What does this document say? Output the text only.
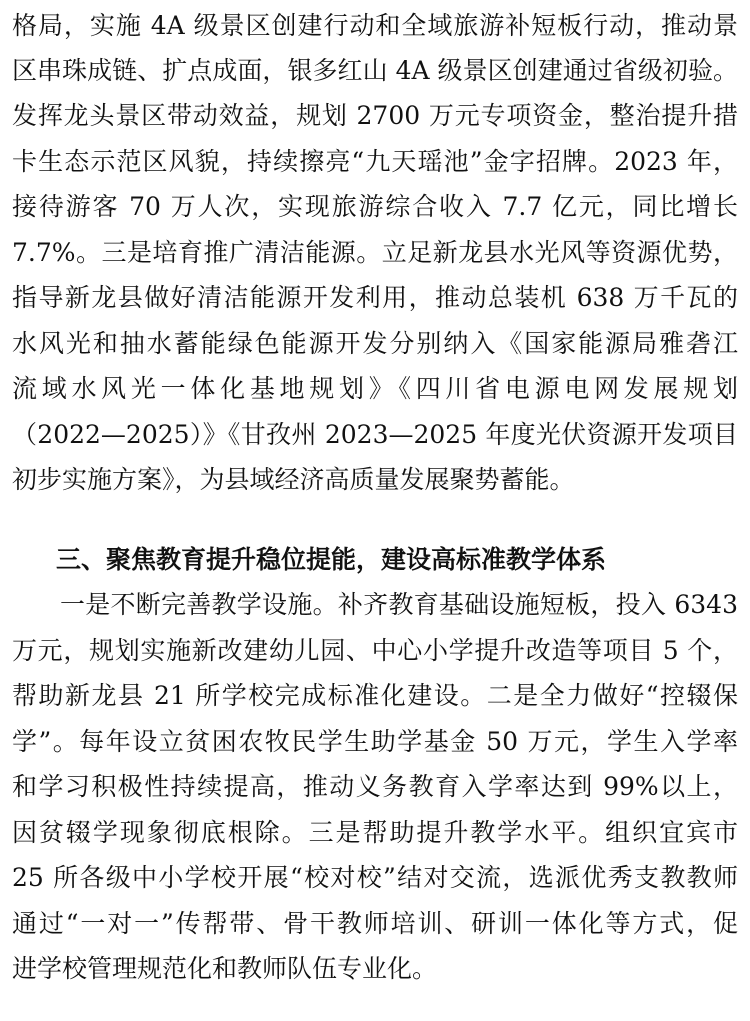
格局，实施 4A 级景区创建行动和全域旅游补短板行动，推动景
区串珠成链、扩点成面，银多红山 4A 级景区创建通过省级初验。
发挥龙头景区带动效益，规划 2700 万元专项资金，整治提升措
卡生态示范区风貌，持续擦亮“九天瑶池”金字招牌。2023 年，
接待游客 70 万人次，实现旅游综合收入 7.7 亿元，同比增长
7.7%。三是培育推广清洁能源。立足新龙县水光风等资源优势，
指导新龙县做好清洁能源开发利用，推动总装机 638 万千瓦的
水风光和抽水蓄能绿色能源开发分别纳入《国家能源局雅砻江
流域水风光一体化基地规划》《四川省电源电网发展规划
（2022—2025）》《甘孜州 2023—2025 年度光伏资源开发项目
初步实施方案》，为县域经济高质量发展聚势蓄能。
三、聚焦教育提升稳位提能，建设高标准教学体系
一是不断完善教学设施。补齐教育基础设施短板，投入 6343
万元，规划实施新改建幼儿园、中心小学提升改造等项目 5 个，
帮助新龙县 21 所学校完成标准化建设。二是全力做好“控辍保
学”。每年设立贫困农牧民学生助学基金 50 万元，学生入学率
和学习积极性持续提高，推动义务教育入学率达到 99%以上，
因贫辍学现象彻底根除。三是帮助提升教学水平。组织宜宾市
25 所各级中小学校开展“校对校”结对交流，选派优秀支教教师
通过“一对一”传帮带、骨干教师培训、研训一体化等方式，促
进学校管理规范化和教师队伍专业化。
